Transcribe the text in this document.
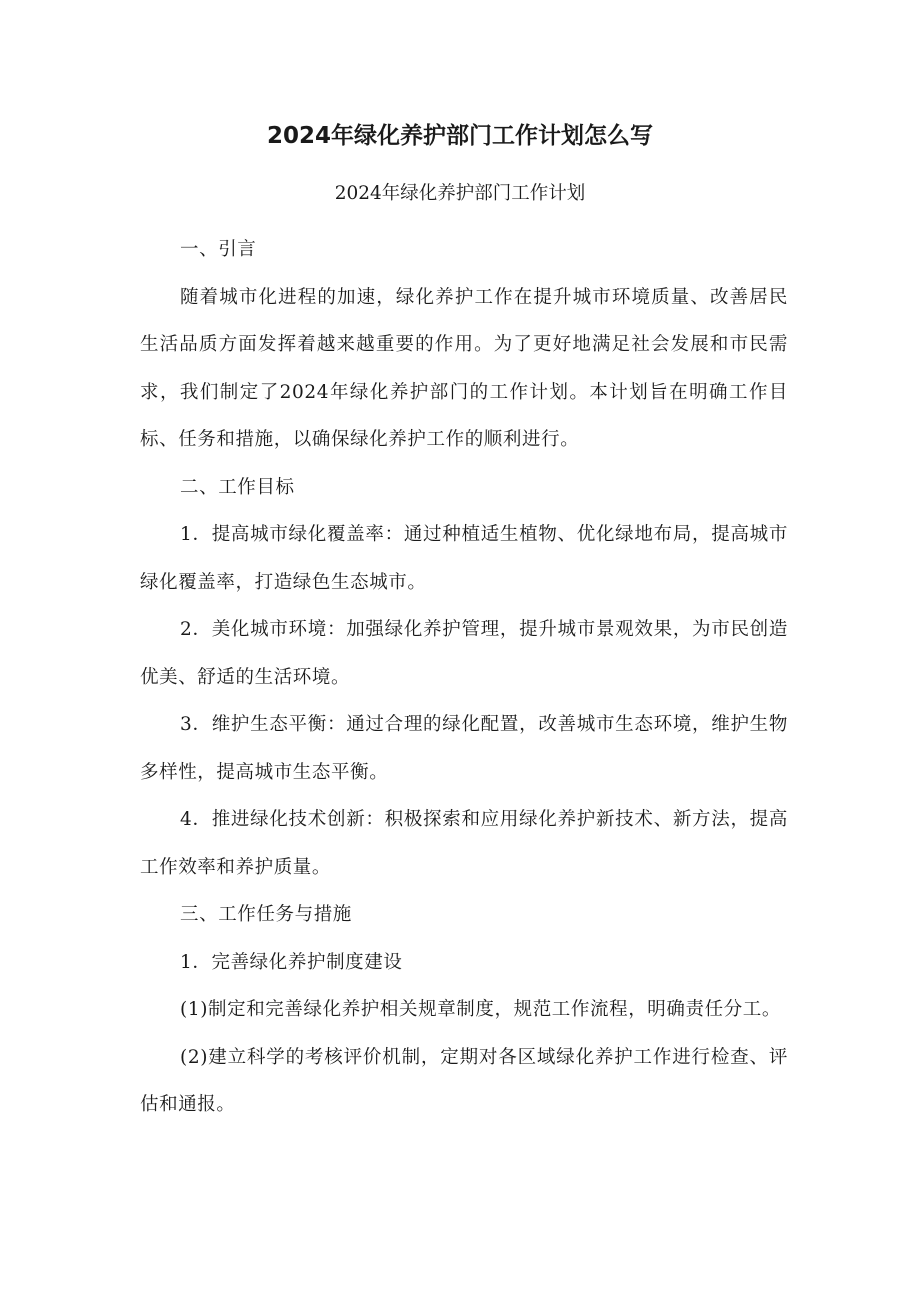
2024年绿化养护部门工作计划怎么写
2024年绿化养护部门工作计划

一、引言

随着城市化进程的加速，绿化养护工作在提升城市环境质量、改善居民生活品质方面发挥着越来越重要的作用。为了更好地满足社会发展和市民需求，我们制定了2024年绿化养护部门的工作计划。本计划旨在明确工作目标、任务和措施，以确保绿化养护工作的顺利进行。

二、工作目标

1．提高城市绿化覆盖率：通过种植适生植物、优化绿地布局，提高城市绿化覆盖率，打造绿色生态城市。

2．美化城市环境：加强绿化养护管理，提升城市景观效果，为市民创造优美、舒适的生活环境。

3．维护生态平衡：通过合理的绿化配置，改善城市生态环境，维护生物多样性，提高城市生态平衡。

4．推进绿化技术创新：积极探索和应用绿化养护新技术、新方法，提高工作效率和养护质量。

三、工作任务与措施

1．完善绿化养护制度建设

(1)制定和完善绿化养护相关规章制度，规范工作流程，明确责任分工。

(2)建立科学的考核评价机制，定期对各区域绿化养护工作进行检查、评估和通报。
